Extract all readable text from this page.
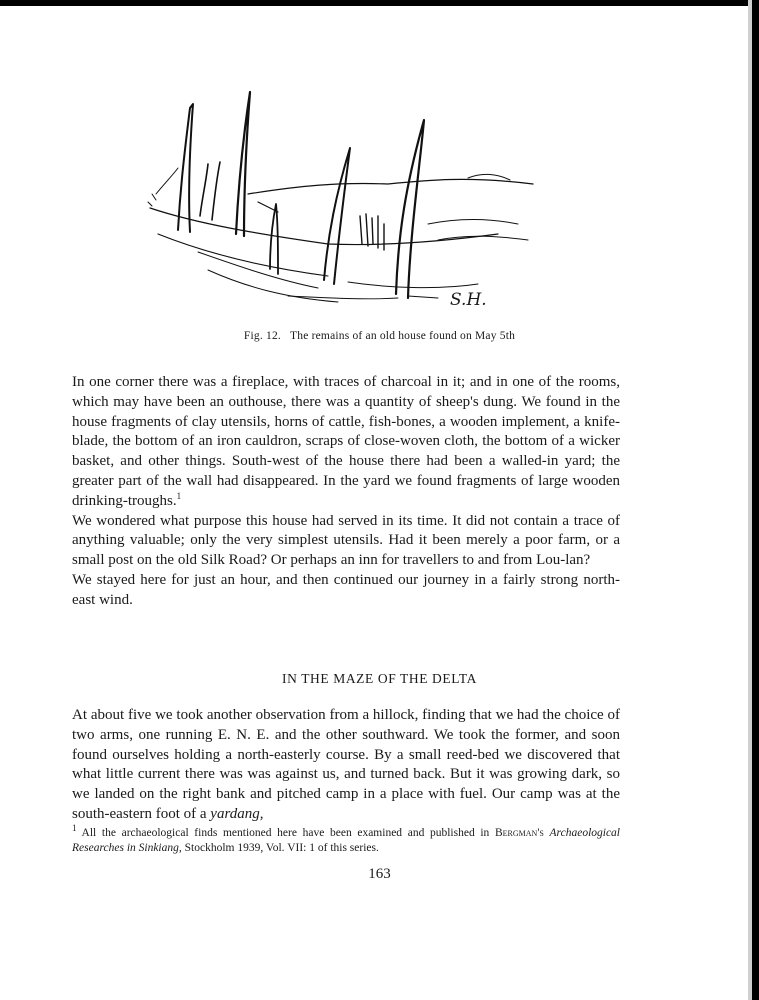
S.H.
Fig. 12. The remains of an old house found on May 5th

In one corner there was a fireplace, with traces of charcoal in it; and in one of the rooms, which may have been an outhouse, there was a quantity of sheep's dung. We found in the house fragments of clay utensils, horns of cattle, fish-bones, a wooden implement, a knife-blade, the bottom of an iron cauldron, scraps of close-woven cloth, the bottom of a wicker basket, and other things. South-west of the house there had been a walled-in yard; the greater part of the wall had disappeared. In the yard we found fragments of large wooden drinking-troughs.$^1$

We wondered what purpose this house had served in its time. It did not contain a trace of anything valuable; only the very simplest utensils. Had it been merely a poor farm, or a small post on the old Silk Road? Or perhaps an inn for travellers to and from Lou-lan?

We stayed here for just an hour, and then continued our journey in a fairly strong north-east wind.

IN THE MAZE OF THE DELTA

At about five we took another observation from a hillock, finding that we had the choice of two arms, one running E. N. E. and the other southward. We took the former, and soon found ourselves holding a north-easterly course. By a small reed-bed we discovered that what little current there was was against us, and turned back. But it was growing dark, so we landed on the right bank and pitched camp in a place with fuel. Our camp was at the south-eastern foot of a yardang,

$^1$ All the archaeological finds mentioned here have been examined and published in Bergman's Archaeological Researches in Sinkiang, Stockholm 1939, Vol. VII: 1 of this series.
163
